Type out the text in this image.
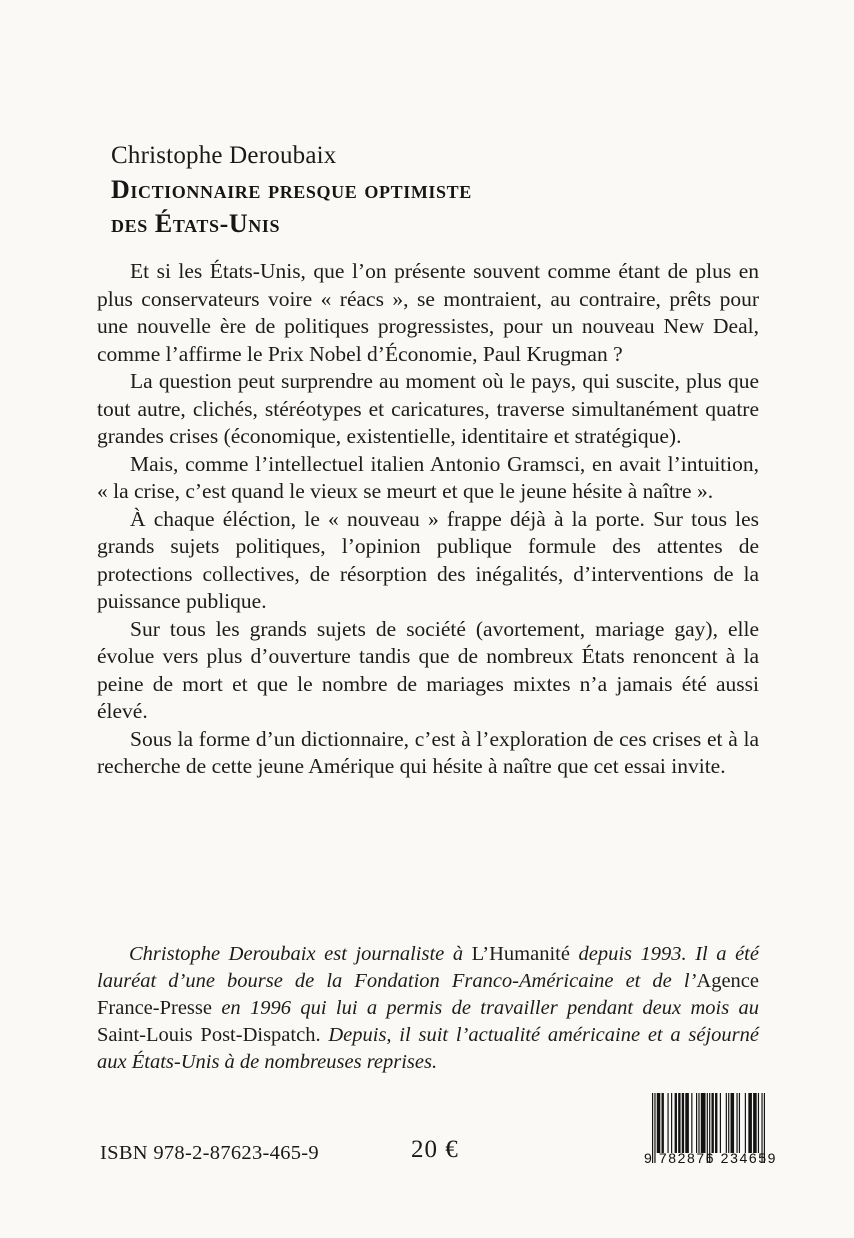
Christophe Deroubaix
Dictionnaire presque optimiste
des États-Unis

Et si les États-Unis, que l’on présente souvent comme étant de plus en plus conservateurs voire « réacs », se montraient, au contraire, prêts pour une nouvelle ère de politiques progressistes, pour un nouveau New Deal, comme l’affirme le Prix Nobel d’Économie, Paul Krugman ?

La question peut surprendre au moment où le pays, qui suscite, plus que tout autre, clichés, stéréotypes et caricatures, traverse simultanément quatre grandes crises (économique, existentielle, identitaire et stratégique).

Mais, comme l’intellectuel italien Antonio Gramsci, en avait l’intuition, « la crise, c’est quand le vieux se meurt et que le jeune hésite à naître ».

À chaque éléction, le « nouveau » frappe déjà à la porte. Sur tous les grands sujets politiques, l’opinion publique formule des attentes de protections collectives, de résorption des inégalités, d’interventions de la puissance publique.

Sur tous les grands sujets de société (avortement, mariage gay), elle évolue vers plus d’ouverture tandis que de nombreux États renoncent à la peine de mort et que le nombre de mariages mixtes n’a jamais été aussi élevé.

Sous la forme d’un dictionnaire, c’est à l’exploration de ces crises et à la recherche de cette jeune Amérique qui hésite à naître que cet essai invite.

Christophe Deroubaix est journaliste à L’Humanité depuis 1993. Il a été lauréat d’une bourse de la Fondation Franco-Américaine et de l’Agence France-Presse en 1996 qui lui a permis de travailler pendant deux mois au Saint-Louis Post-Dispatch. Depuis, il suit l’actualité américaine et a séjourné aux États-Unis à de nombreuses reprises.
ISBN 978-2-87623-465-9	20 €	9 782876 234659
